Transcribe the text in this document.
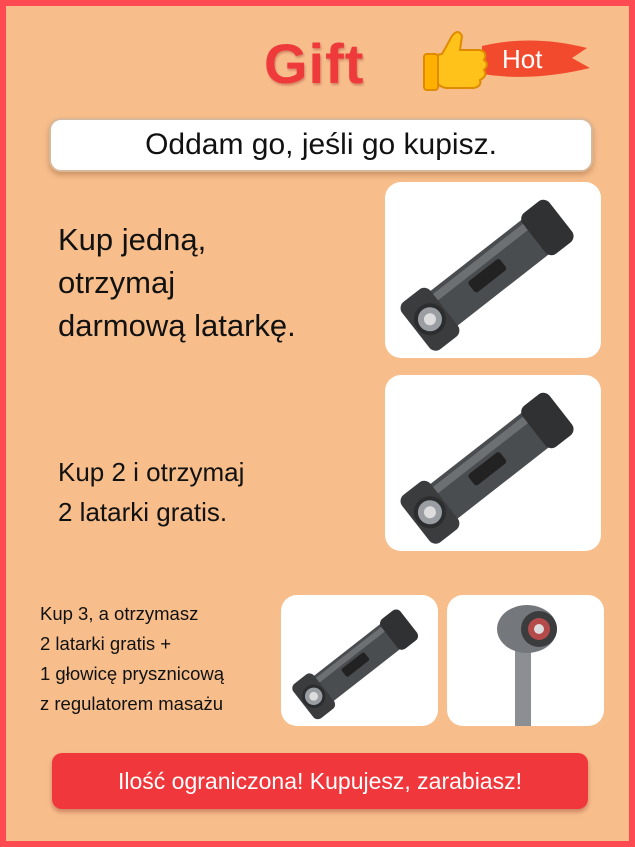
Gift	Hot
Oddam go, jeśli go kupisz.
Kup jedną,
otrzymaj
darmową latarkę.
Kup 2 i otrzymaj
2 latarki gratis.
Kup 3, a otrzymasz
2 latarki gratis +
1 głowicę prysznicową
z regulatorem masażu
Ilość ograniczona! Kupujesz, zarabiasz!
